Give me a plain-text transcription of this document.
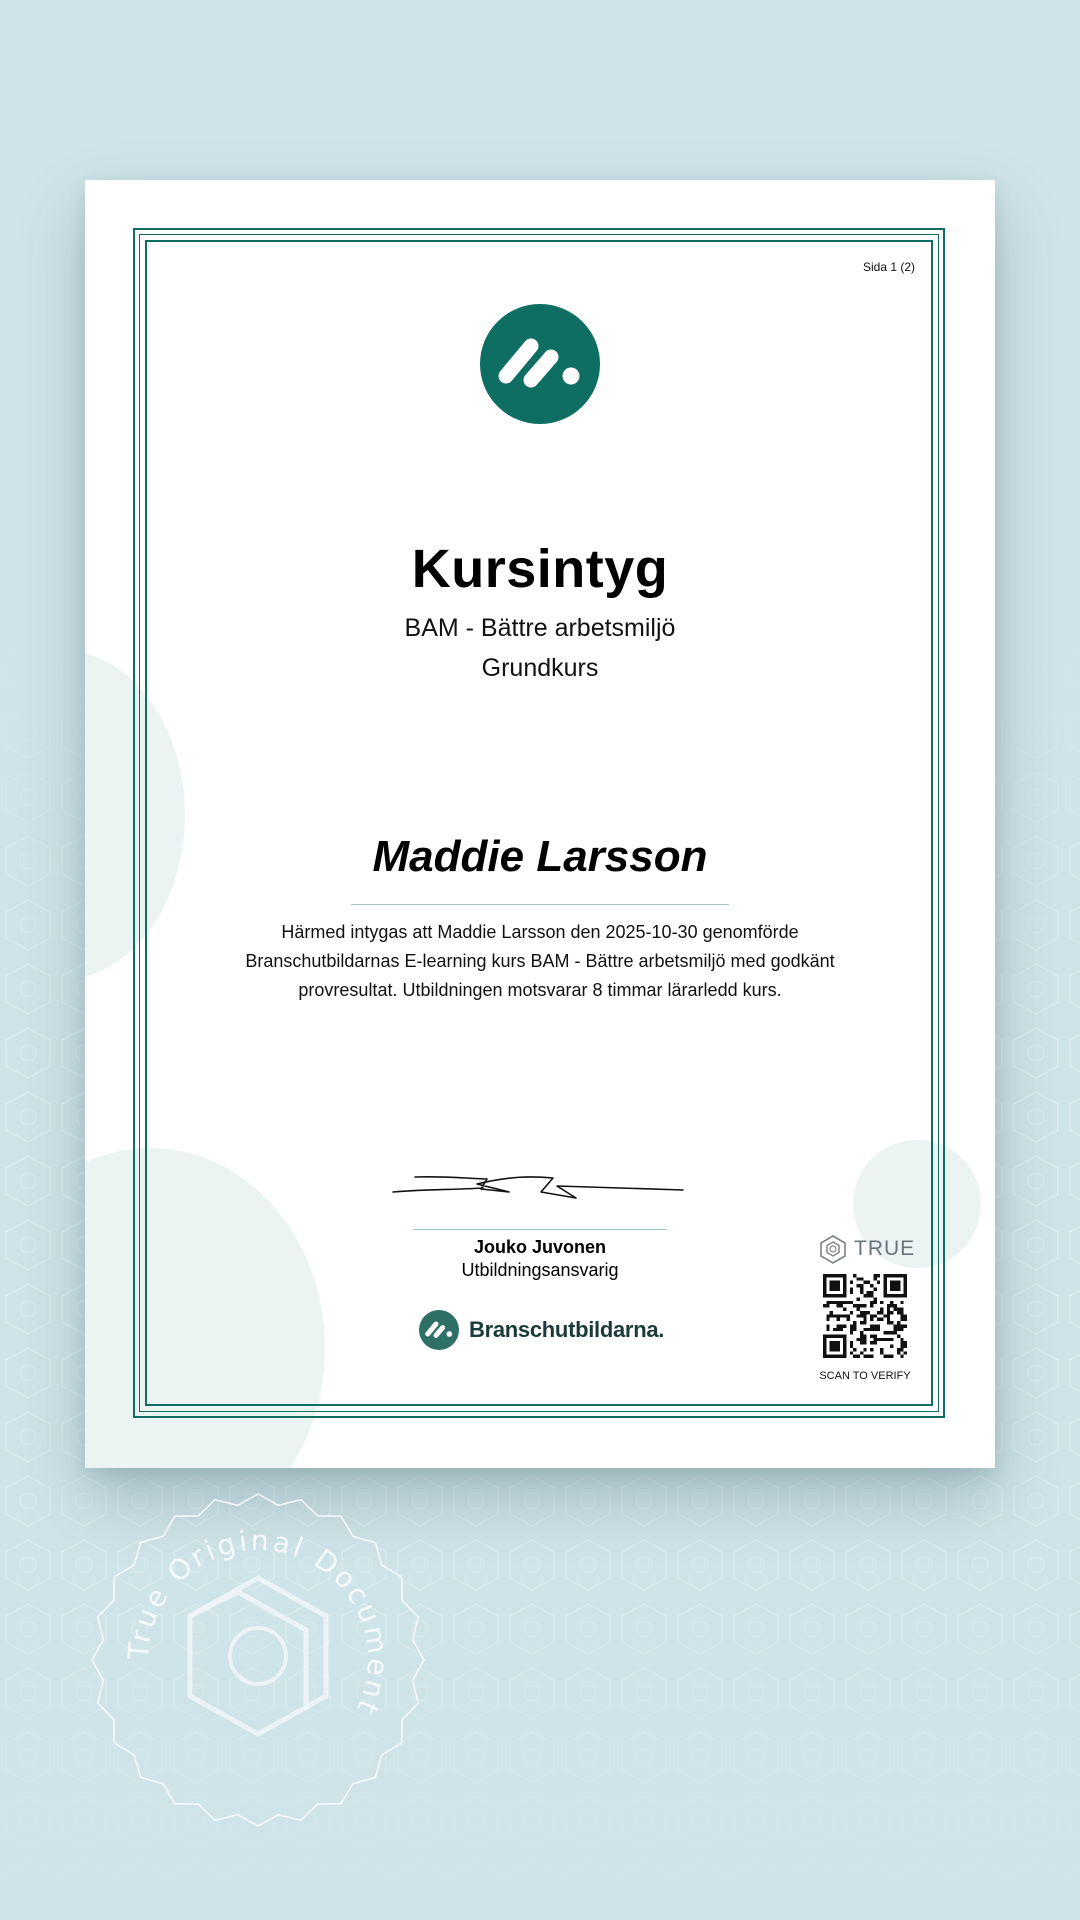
Sida 1 (2)
Kursintyg
BAM - Bättre arbetsmiljö
Grundkurs
Maddie Larsson
Härmed intygas att Maddie Larsson den 2025-10-30 genomförde Branschutbildarnas E-learning kurs BAM - Bättre arbetsmiljö med godkänt provresultat. Utbildningen motsvarar 8 timmar lärarledd kurs.
Jouko Juvonen
Utbildningsansvarig
Branschutbildarna.
TRUE
SCAN TO VERIFY
True Original Document
